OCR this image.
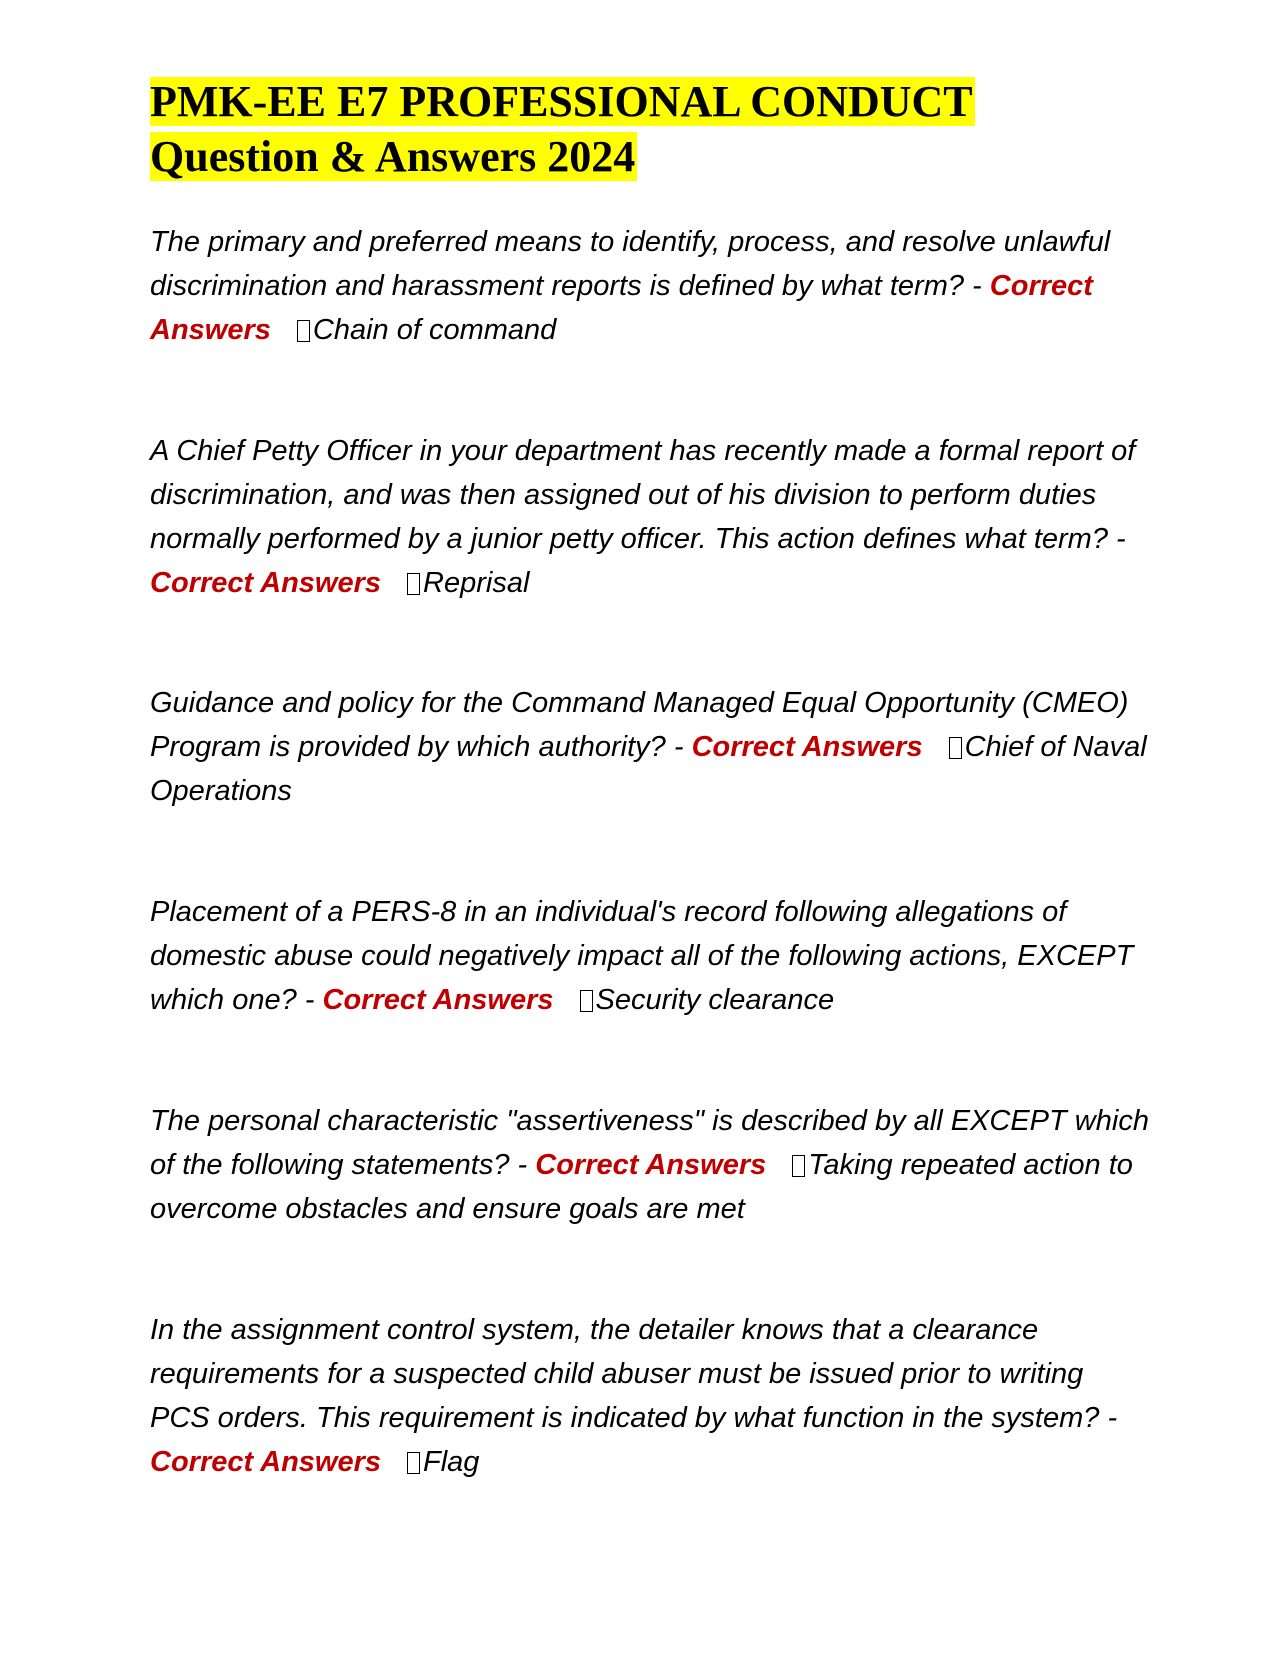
PMK-EE E7 PROFESSIONAL CONDUCT
Question & Answers 2024

The primary and preferred means to identify, process, and resolve unlawful discrimination and harassment reports is defined by what term? - Correct Answers Chain of command

A Chief Petty Officer in your department has recently made a formal report of discrimination, and was then assigned out of his division to perform duties normally performed by a junior petty officer. This action defines what term? - Correct Answers Reprisal

Guidance and policy for the Command Managed Equal Opportunity (CMEO) Program is provided by which authority? - Correct Answers Chief of Naval Operations

Placement of a PERS-8 in an individual's record following allegations of domestic abuse could negatively impact all of the following actions, EXCEPT which one? - Correct Answers Security clearance

The personal characteristic "assertiveness" is described by all EXCEPT which of the following statements? - Correct Answers Taking repeated action to overcome obstacles and ensure goals are met

In the assignment control system, the detailer knows that a clearance requirements for a suspected child abuser must be issued prior to writing PCS orders. This requirement is indicated by what function in the system? - Correct Answers Flag
